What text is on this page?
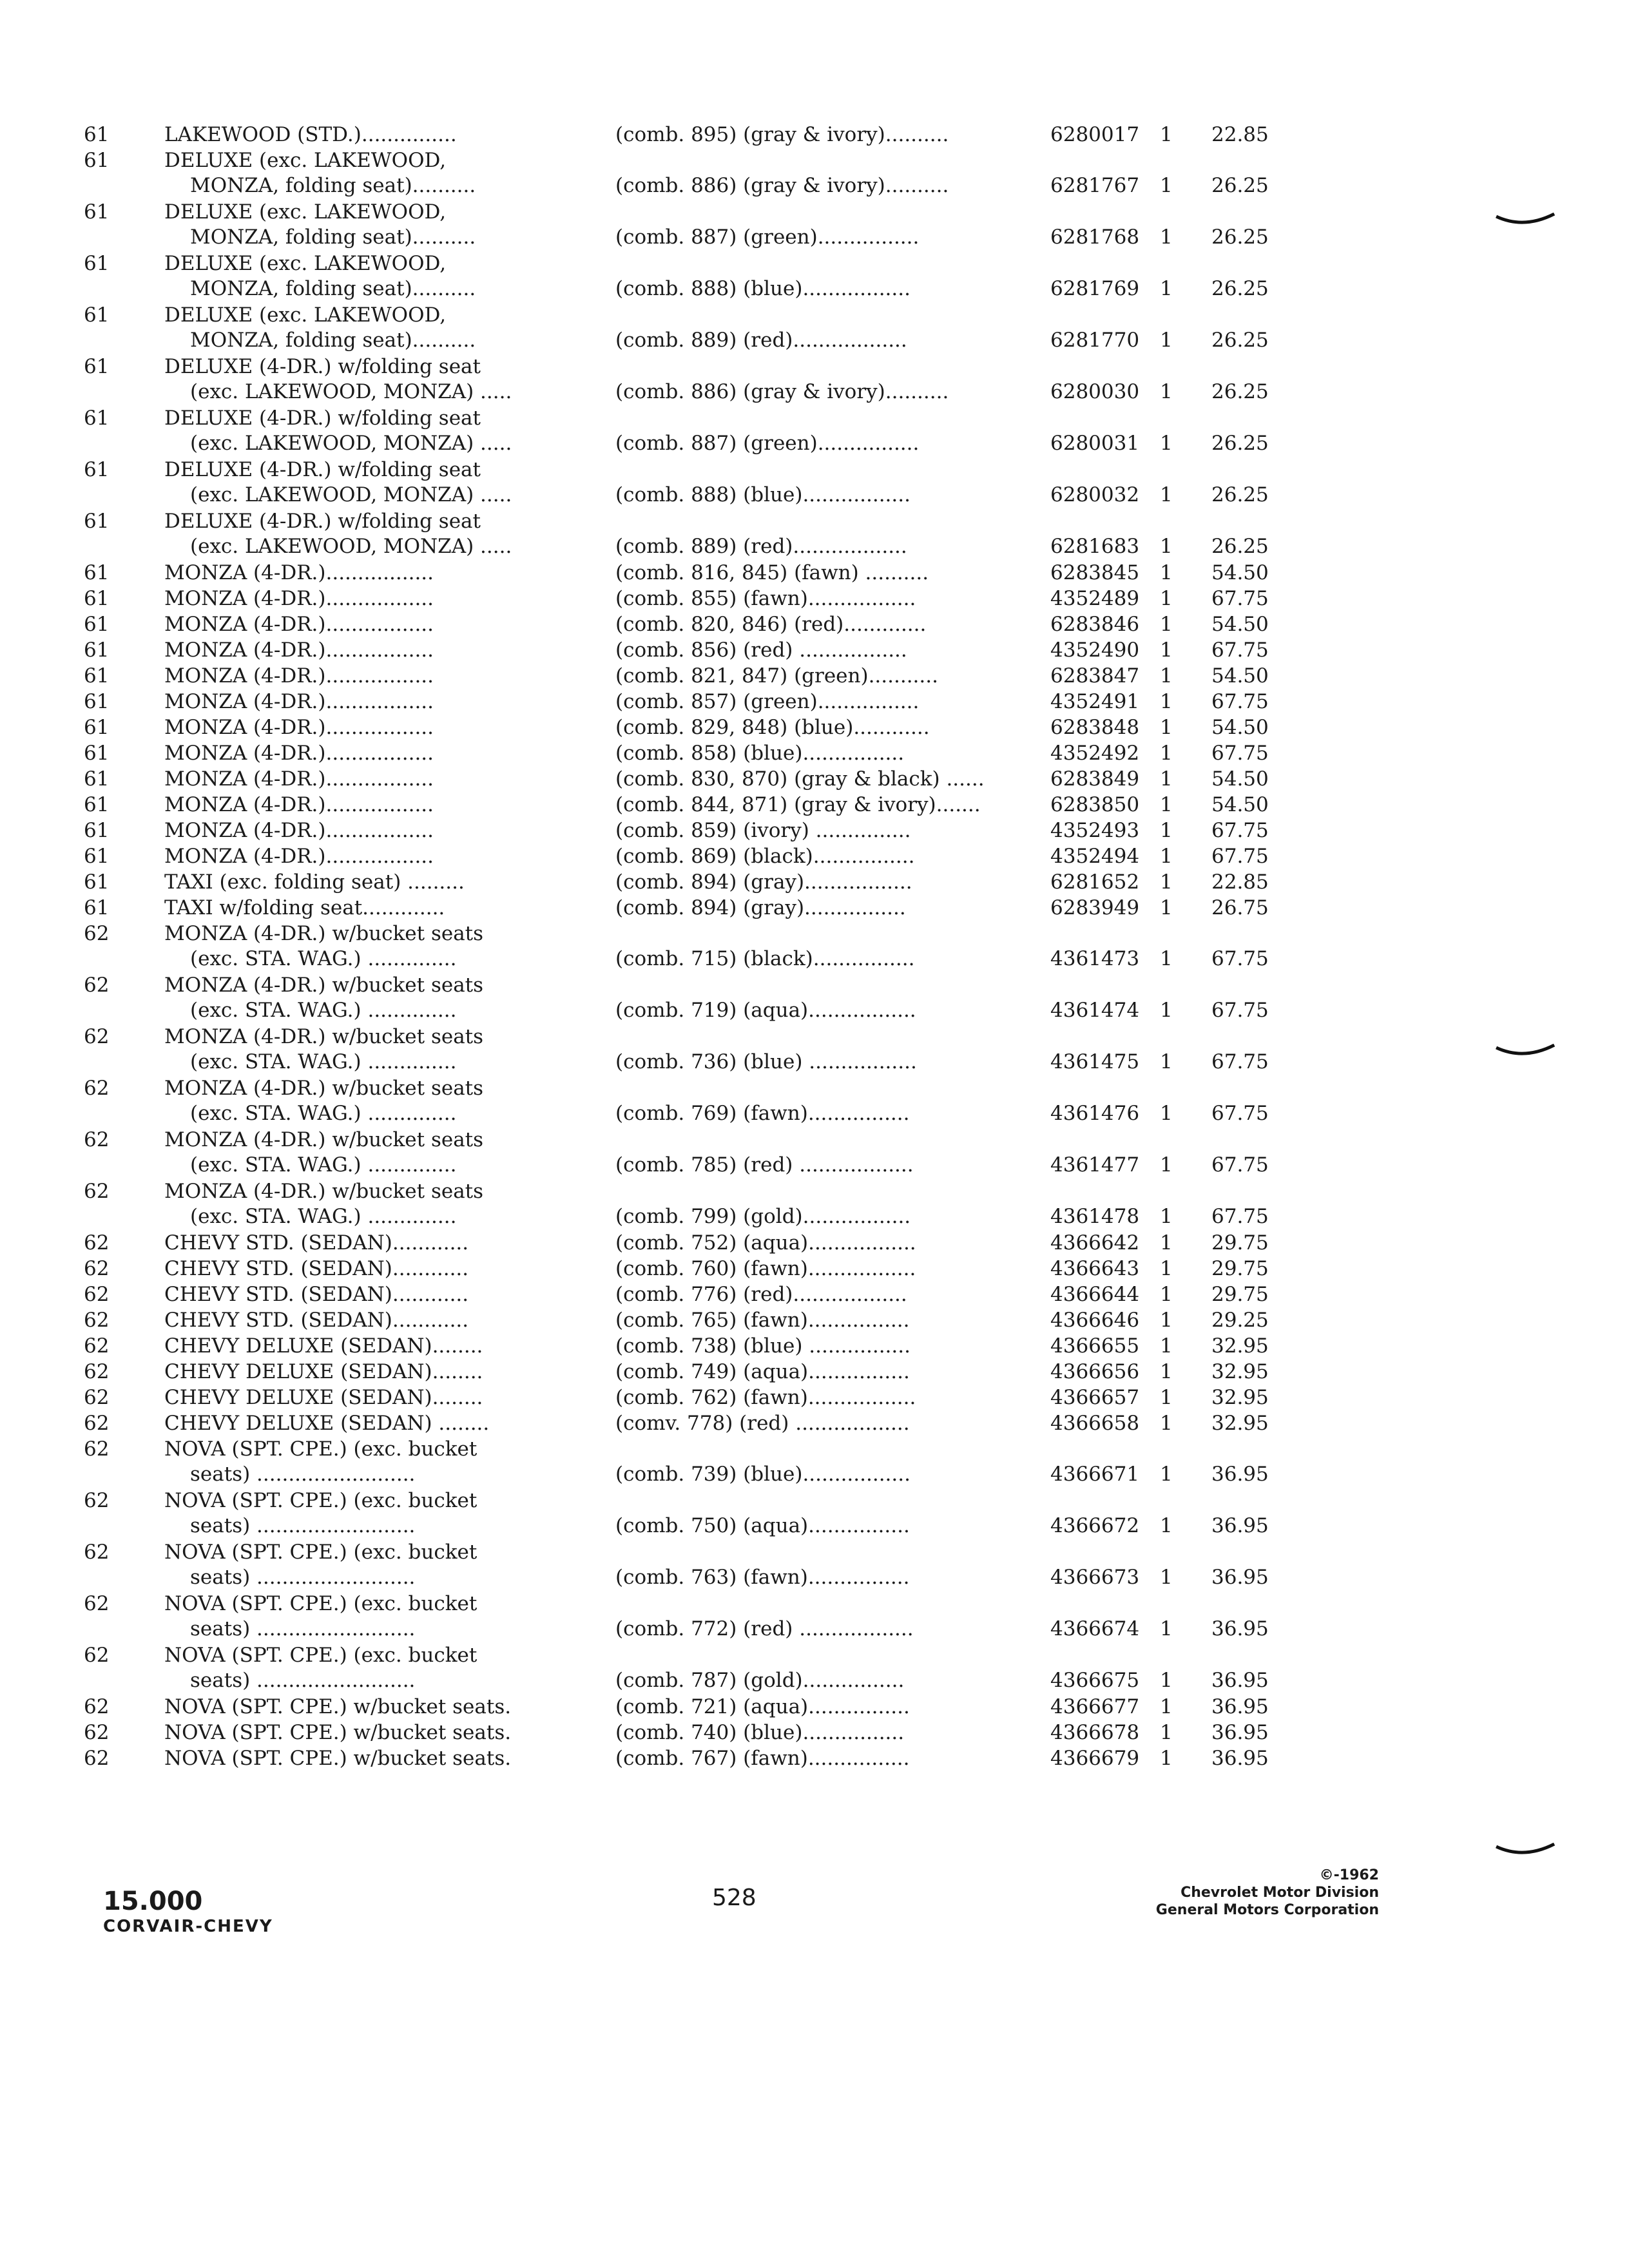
61	LAKEWOOD (STD.)...............	(comb. 895) (gray & ivory)..........	6280017 1 22.85
61	DELUXE (exc. LAKEWOOD,
MONZA, folding seat)..........	(comb. 886) (gray & ivory)..........	6281767 1 26.25
61	DELUXE (exc. LAKEWOOD,
MONZA, folding seat)..........	(comb. 887) (green)................	6281768 1 26.25
61	DELUXE (exc. LAKEWOOD,
MONZA, folding seat)..........	(comb. 888) (blue).................	6281769 1 26.25
61	DELUXE (exc. LAKEWOOD,
MONZA, folding seat)..........	(comb. 889) (red)..................	6281770 1 26.25
61	DELUXE (4-DR.) w/folding seat
(exc. LAKEWOOD, MONZA) .....	(comb. 886) (gray & ivory)..........	6280030 1 26.25
61	DELUXE (4-DR.) w/folding seat
(exc. LAKEWOOD, MONZA) .....	(comb. 887) (green)................	6280031 1 26.25
61	DELUXE (4-DR.) w/folding seat
(exc. LAKEWOOD, MONZA) .....	(comb. 888) (blue).................	6280032 1 26.25
61	DELUXE (4-DR.) w/folding seat
(exc. LAKEWOOD, MONZA) .....	(comb. 889) (red)..................	6281683 1 26.25
61	MONZA (4-DR.).................	(comb. 816, 845) (fawn) ..........	6283845 1 54.50
61	MONZA (4-DR.).................	(comb. 855) (fawn).................	4352489 1 67.75
61	MONZA (4-DR.).................	(comb. 820, 846) (red).............	6283846 1 54.50
61	MONZA (4-DR.).................	(comb. 856) (red) .................	4352490 1 67.75
61	MONZA (4-DR.).................	(comb. 821, 847) (green)...........	6283847 1 54.50
61	MONZA (4-DR.).................	(comb. 857) (green)................	4352491 1 67.75
61	MONZA (4-DR.).................	(comb. 829, 848) (blue)............	6283848 1 54.50
61	MONZA (4-DR.).................	(comb. 858) (blue)................	4352492 1 67.75
61	MONZA (4-DR.).................	(comb. 830, 870) (gray & black) ......	6283849 1 54.50
61	MONZA (4-DR.).................	(comb. 844, 871) (gray & ivory).......	6283850 1 54.50
61	MONZA (4-DR.).................	(comb. 859) (ivory) ...............	4352493 1 67.75
61	MONZA (4-DR.).................	(comb. 869) (black)................	4352494 1 67.75
61	TAXI (exc. folding seat) .........	(comb. 894) (gray).................	6281652 1 22.85
61	TAXI w/folding seat.............	(comb. 894) (gray)................	6283949 1 26.75
62	MONZA (4-DR.) w/bucket seats
(exc. STA. WAG.) ..............	(comb. 715) (black)................	4361473 1 67.75
62	MONZA (4-DR.) w/bucket seats
(exc. STA. WAG.) ..............	(comb. 719) (aqua).................	4361474 1 67.75
62	MONZA (4-DR.) w/bucket seats
(exc. STA. WAG.) ..............	(comb. 736) (blue) .................	4361475 1 67.75
62	MONZA (4-DR.) w/bucket seats
(exc. STA. WAG.) ..............	(comb. 769) (fawn)................	4361476 1 67.75
62	MONZA (4-DR.) w/bucket seats
(exc. STA. WAG.) ..............	(comb. 785) (red) ..................	4361477 1 67.75
62	MONZA (4-DR.) w/bucket seats
(exc. STA. WAG.) ..............	(comb. 799) (gold).................	4361478 1 67.75
62	CHEVY STD. (SEDAN)............	(comb. 752) (aqua).................	4366642 1 29.75
62	CHEVY STD. (SEDAN)............	(comb. 760) (fawn).................	4366643 1 29.75
62	CHEVY STD. (SEDAN)............	(comb. 776) (red)..................	4366644 1 29.75
62	CHEVY STD. (SEDAN)............	(comb. 765) (fawn)................	4366646 1 29.25
62	CHEVY DELUXE (SEDAN)........	(comb. 738) (blue) ................	4366655 1 32.95
62	CHEVY DELUXE (SEDAN)........	(comb. 749) (aqua)................	4366656 1 32.95
62	CHEVY DELUXE (SEDAN)........	(comb. 762) (fawn).................	4366657 1 32.95
62	CHEVY DELUXE (SEDAN) ........	(comv. 778) (red) ..................	4366658 1 32.95
62	NOVA (SPT. CPE.) (exc. bucket
seats) .........................	(comb. 739) (blue).................	4366671 1 36.95
62	NOVA (SPT. CPE.) (exc. bucket
seats) .........................	(comb. 750) (aqua)................	4366672 1 36.95
62	NOVA (SPT. CPE.) (exc. bucket
seats) .........................	(comb. 763) (fawn)................	4366673 1 36.95
62	NOVA (SPT. CPE.) (exc. bucket
seats) .........................	(comb. 772) (red) ..................	4366674 1 36.95
62	NOVA (SPT. CPE.) (exc. bucket
seats) .........................	(comb. 787) (gold)................	4366675 1 36.95
62	NOVA (SPT. CPE.) w/bucket seats.	(comb. 721) (aqua)................	4366677 1 36.95
62	NOVA (SPT. CPE.) w/bucket seats.	(comb. 740) (blue)................	4366678 1 36.95
62	NOVA (SPT. CPE.) w/bucket seats.	(comb. 767) (fawn)................	4366679 1 36.95
15.000
CORVAIR-CHEVY
528
©-1962
Chevrolet Motor Division
General Motors Corporation
